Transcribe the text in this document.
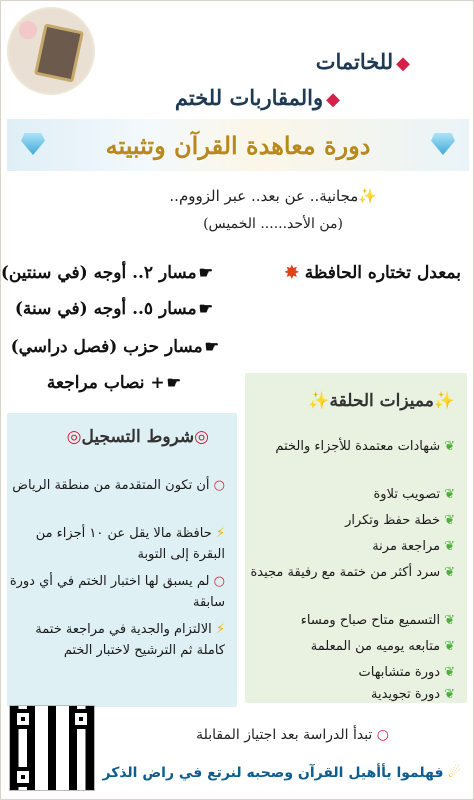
◆للخاتمات
◆والمقاربات للختم
دورة معاهدة القرآن وتثبيته
✨مجانية.. عن بعد.. عبر الزووم..
(من الأحد...... الخميس)
بمعدل تختاره الحافظة ✸
☛مسار ٢.. أوجه (في سنتين)
☛مسار ٥.. أوجه (في سنة)
☛مسار حزب (فصل دراسي)
☛+ نصاب مراجعة
✨مميزات الحلقة✨
❦شهادات معتمدة للأجزاء والختم
❦تصويب تلاوة
❦خطة حفظ وتكرار
❦مراجعة مرنة
❦سرد أكثر من ختمة مع رفيقة مجيدة
❦التسميع متاح صباح ومساء
❦متابعه يوميه من المعلمة
❦دورة متشابهات
❦دورة تجويدية
◎شروط التسجيل◎
○ أن تكون المتقدمة من منطقة الرياض
⚡ حافظة مالا يقل عن ١٠ أجزاء من البقرة إلى التوبة
○ لم يسبق لها اختبار الختم في أي دورة سابقة
⚡ الالتزام والجدية في مراجعة ختمة كاملة ثم الترشيح لاختبار الختم
○ تبدأ الدراسة بعد اجتياز المقابلة
☄ فهلموا يأأهيل القرآن وصحبه لنرتع في راض الذكر
